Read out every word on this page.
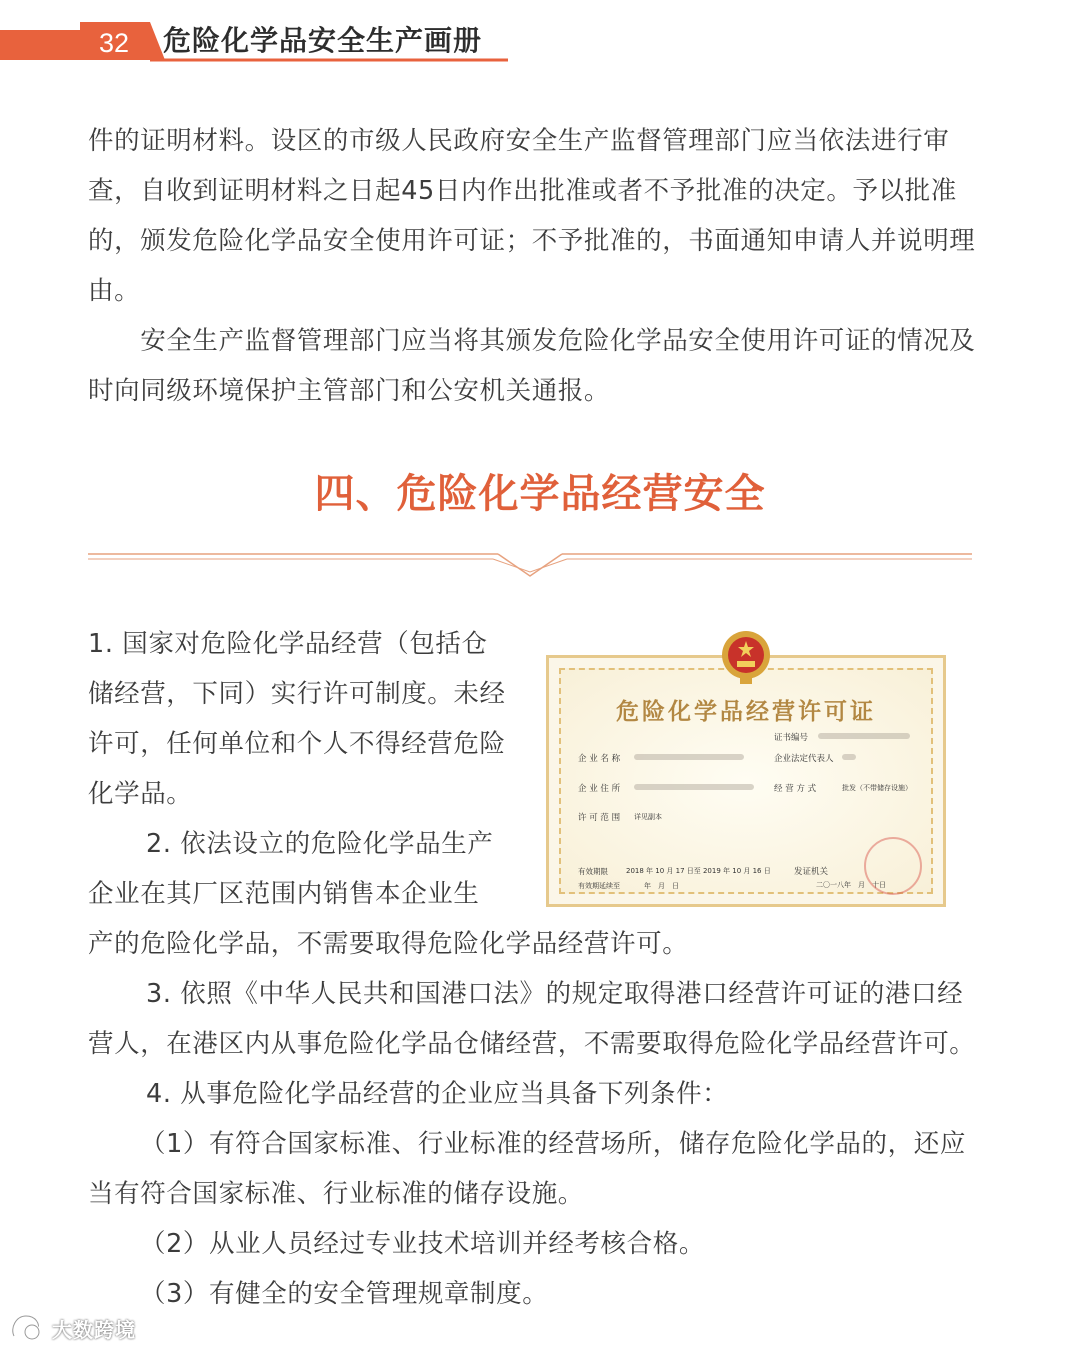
32 危险化学品安全生产画册

件的证明材料。设区的市级人民政府安全生产监督管理部门应当依法进行审查，自收到证明材料之日起45日内作出批准或者不予批准的决定。予以批准的，颁发危险化学品安全使用许可证；不予批准的，书面通知申请人并说明理由。

　　安全生产监督管理部门应当将其颁发危险化学品安全使用许可证的情况及时向同级环境保护主管部门和公安机关通报。

四、危险化学品经营安全

1. 国家对危险化学品经营（包括仓储经营，下同）实行许可制度。未经许可，任何单位和个人不得经营危险化学品。

2. 依法设立的危险化学品生产企业在其厂区范围内销售本企业生

产的危险化学品，不需要取得危险化学品经营许可。

3. 依照《中华人民共和国港口法》的规定取得港口经营许可证的港口经营人，在港区内从事危险化学品仓储经营，不需要取得危险化学品经营许可。

4. 从事危险化学品经营的企业应当具备下列条件：

（1）有符合国家标准、行业标准的经营场所，储存危险化学品的，还应当有符合国家标准、行业标准的储存设施。

（2）从业人员经过专业技术培训并经考核合格。

（3）有健全的安全管理规章制度。

危险化学品经营许可证
证书编号
企 业 名 称	企业法定代表人
企 业 住 所	经 营 方 式	批发（不带储存设施）
许 可 范 围 详见副本
有效期限	2018 年 10 月 17 日至 2019 年 10 月 16 日
有效期延续至	年　月　日
发证机关
二〇一八年　月　十日
大数跨境
